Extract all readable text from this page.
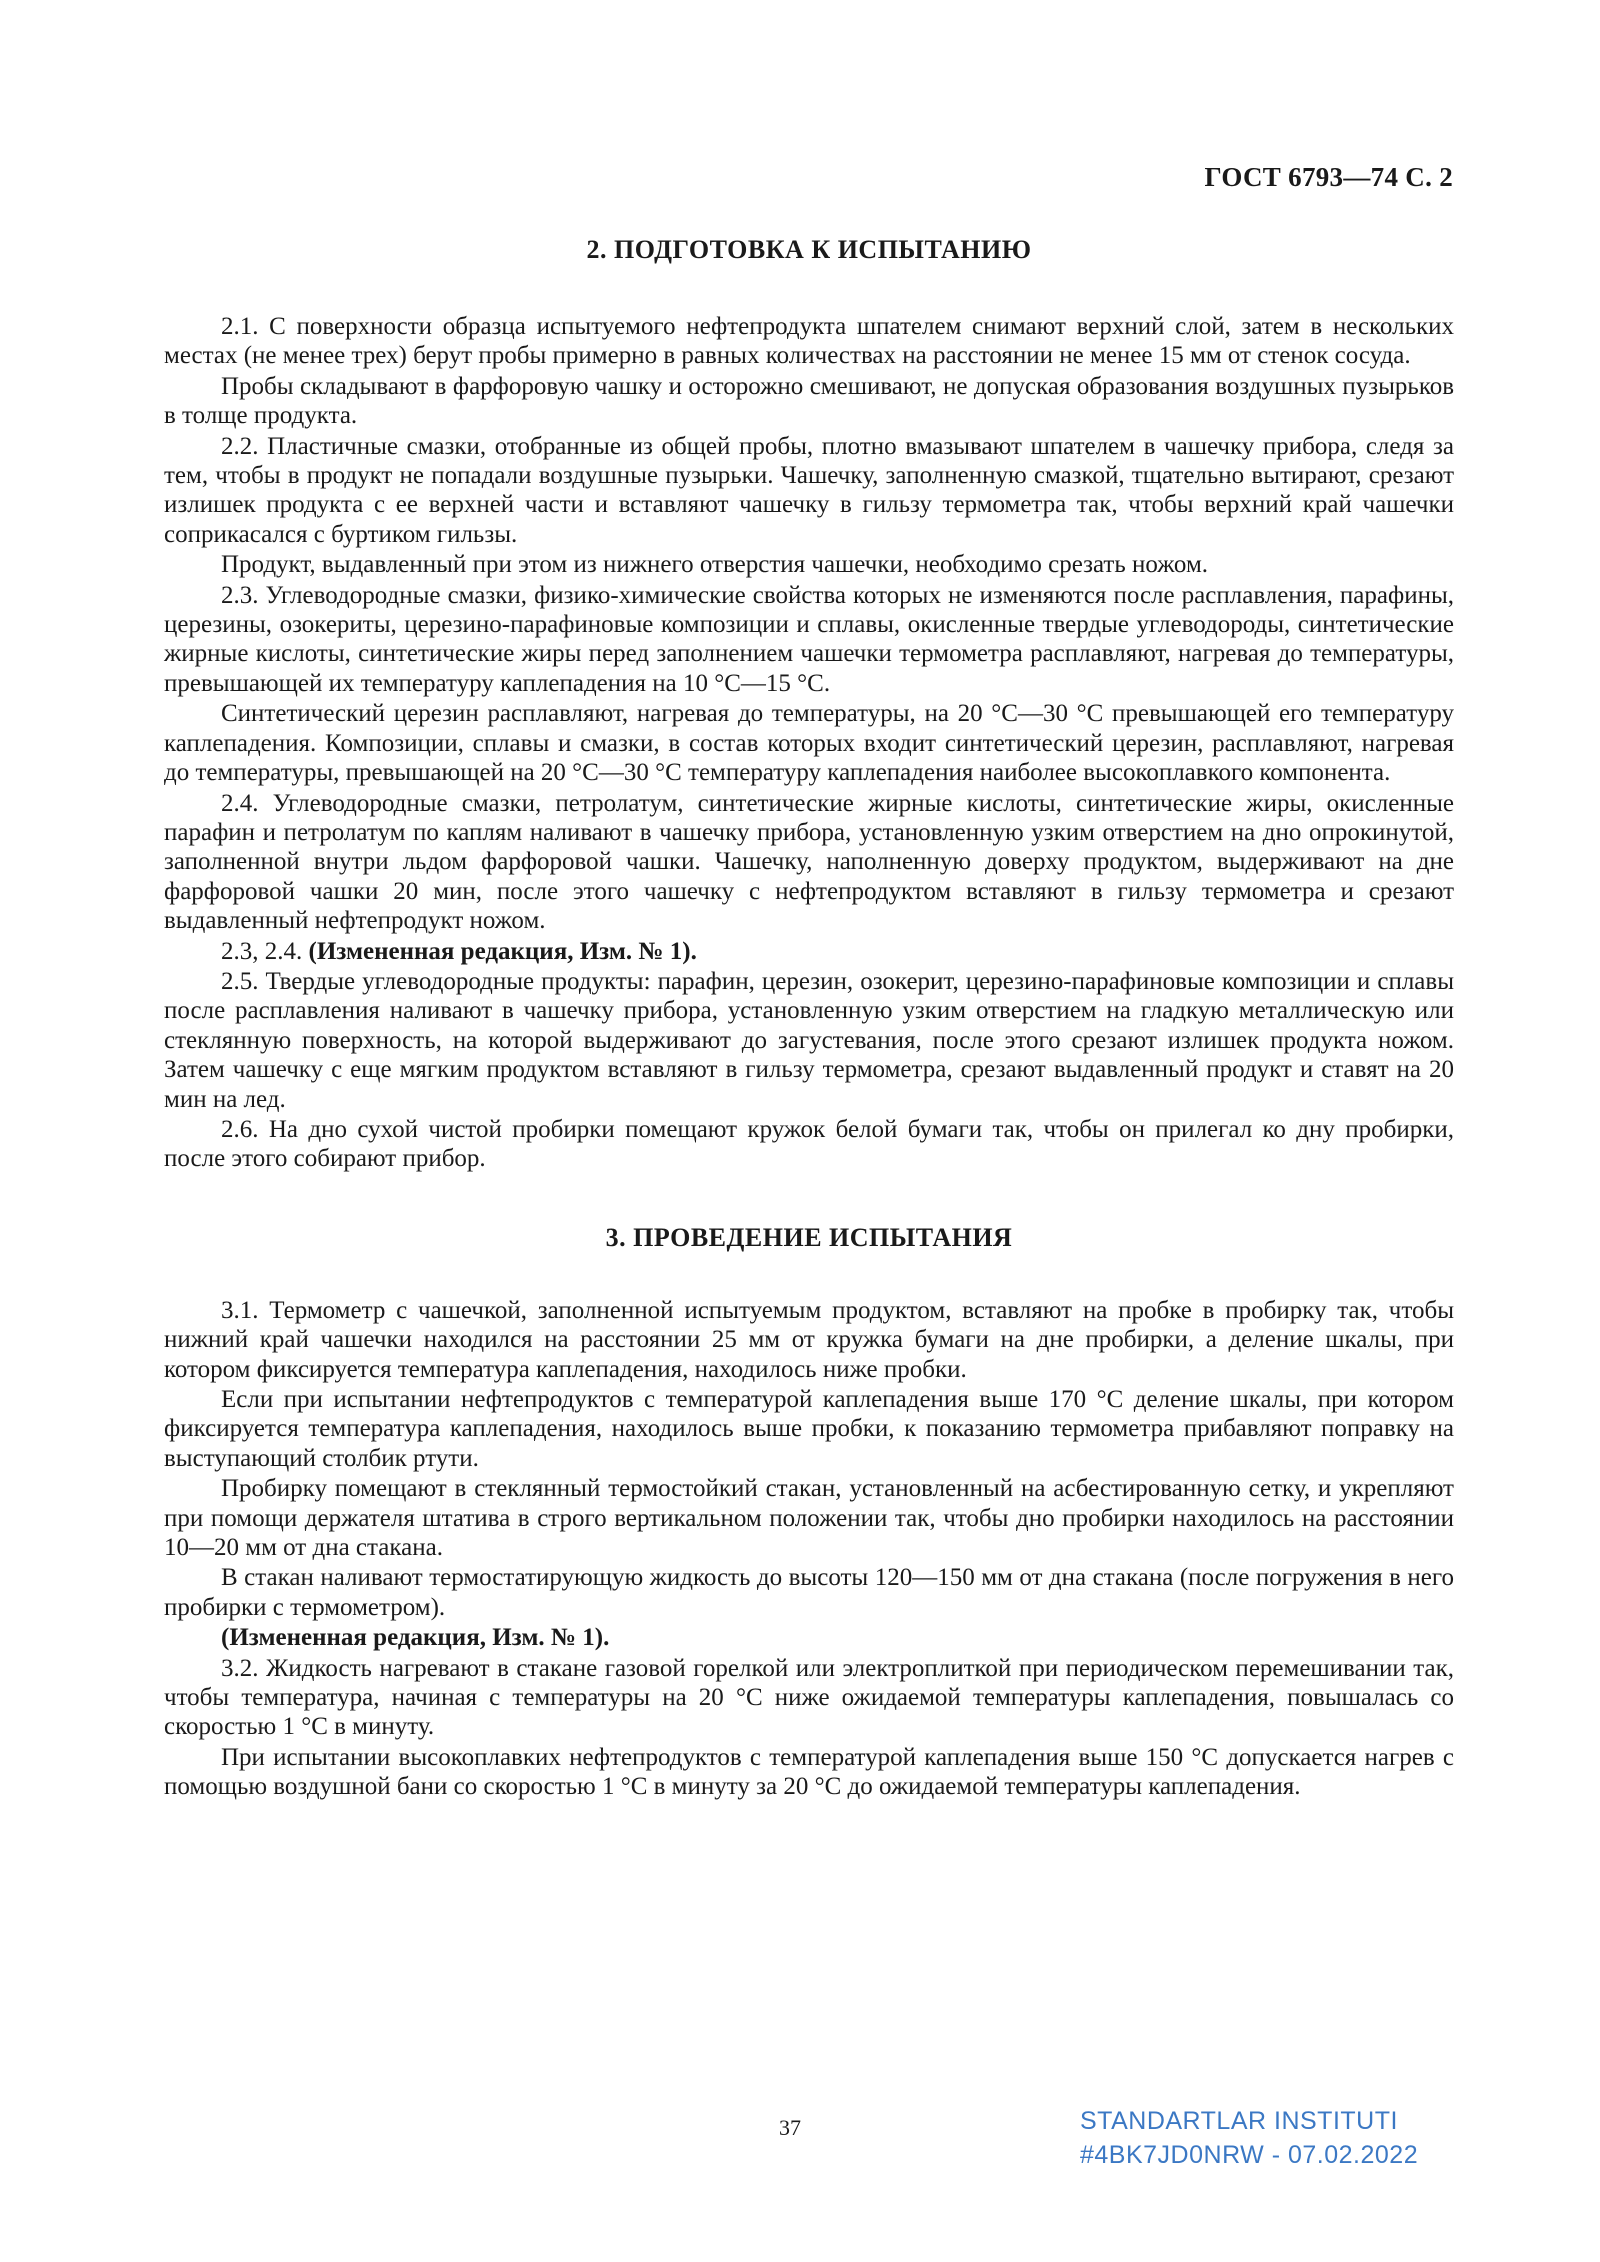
ГОСТ 6793—74 С. 2
2. ПОДГОТОВКА К ИСПЫТАНИЮ

2.1. С поверхности образца испытуемого нефтепродукта шпателем снимают верхний слой, затем в нескольких местах (не менее трех) берут пробы примерно в равных количествах на расстоянии не менее 15 мм от стенок сосуда.

Пробы складывают в фарфоровую чашку и осторожно смешивают, не допуская образования воздушных пузырьков в толще продукта.

2.2. Пластичные смазки, отобранные из общей пробы, плотно вмазывают шпателем в чашечку прибора, следя за тем, чтобы в продукт не попадали воздушные пузырьки. Чашечку, заполненную смазкой, тщательно вытирают, срезают излишек продукта с ее верхней части и вставляют чашечку в гильзу термометра так, чтобы верхний край чашечки соприкасался с буртиком гильзы.

Продукт, выдавленный при этом из нижнего отверстия чашечки, необходимо срезать ножом.

2.3. Углеводородные смазки, физико-химические свойства которых не изменяются после расплавления, парафины, церезины, озокериты, церезино-парафиновые композиции и сплавы, окисленные твердые углеводороды, синтетические жирные кислоты, синтетические жиры перед заполнением чашечки термометра расплавляют, нагревая до температуры, превышающей их температуру каплепадения на 10 °С—15 °С.

Синтетический церезин расплавляют, нагревая до температуры, на 20 °С—30 °С превышающей его температуру каплепадения. Композиции, сплавы и смазки, в состав которых входит синтетический церезин, расплавляют, нагревая до температуры, превышающей на 20 °С—30 °С температуру каплепадения наиболее высокоплавкого компонента.

2.4. Углеводородные смазки, петролатум, синтетические жирные кислоты, синтетические жиры, окисленные парафин и петролатум по каплям наливают в чашечку прибора, установленную узким отверстием на дно опрокинутой, заполненной внутри льдом фарфоровой чашки. Чашечку, наполненную доверху продуктом, выдерживают на дне фарфоровой чашки 20 мин, после этого чашечку с нефтепродуктом вставляют в гильзу термометра и срезают выдавленный нефтепродукт ножом.

2.3, 2.4. (Измененная редакция, Изм. № 1).

2.5. Твердые углеводородные продукты: парафин, церезин, озокерит, церезино-парафиновые композиции и сплавы после расплавления наливают в чашечку прибора, установленную узким отверстием на гладкую металлическую или стеклянную поверхность, на которой выдерживают до загустевания, после этого срезают излишек продукта ножом. Затем чашечку с еще мягким продуктом вставляют в гильзу термометра, срезают выдавленный продукт и ставят на 20 мин на лед.

2.6. На дно сухой чистой пробирки помещают кружок белой бумаги так, чтобы он прилегал ко дну пробирки, после этого собирают прибор.

3. ПРОВЕДЕНИЕ ИСПЫТАНИЯ

3.1. Термометр с чашечкой, заполненной испытуемым продуктом, вставляют на пробке в пробирку так, чтобы нижний край чашечки находился на расстоянии 25 мм от кружка бумаги на дне пробирки, а деление шкалы, при котором фиксируется температура каплепадения, находилось ниже пробки.

Если при испытании нефтепродуктов с температурой каплепадения выше 170 °С деление шкалы, при котором фиксируется температура каплепадения, находилось выше пробки, к показанию термометра прибавляют поправку на выступающий столбик ртути.

Пробирку помещают в стеклянный термостойкий стакан, установленный на асбестированную сетку, и укрепляют при помощи держателя штатива в строго вертикальном положении так, чтобы дно пробирки находилось на расстоянии 10—20 мм от дна стакана.

В стакан наливают термостатирующую жидкость до высоты 120—150 мм от дна стакана (после погружения в него пробирки с термометром).

(Измененная редакция, Изм. № 1).

3.2. Жидкость нагревают в стакане газовой горелкой или электроплиткой при периодическом перемешивании так, чтобы температура, начиная с температуры на 20 °С ниже ожидаемой температуры каплепадения, повышалась со скоростью 1 °С в минуту.

При испытании высокоплавких нефтепродуктов с температурой каплепадения выше 150 °С допускается нагрев с помощью воздушной бани со скоростью 1 °С в минуту за 20 °С до ожидаемой температуры каплепадения.

37	STANDARTLAR INSTITUTI
#4BK7JD0NRW - 07.02.2022
